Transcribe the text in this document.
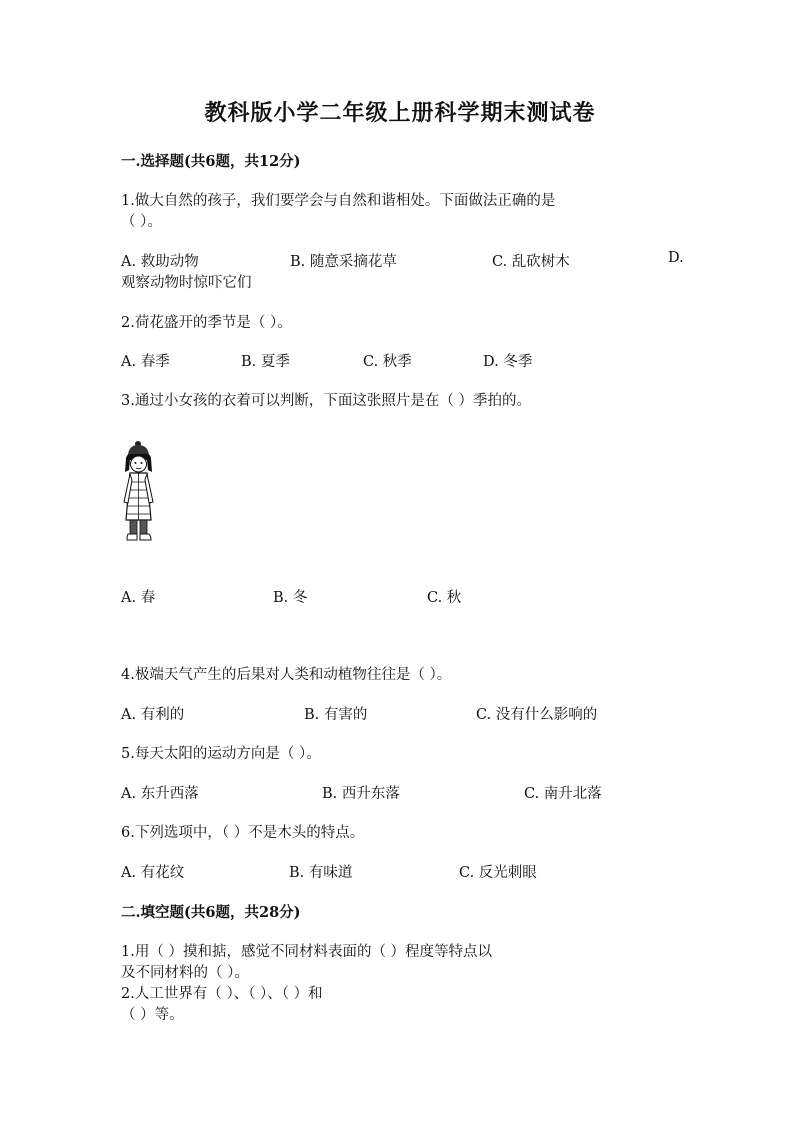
教科版小学二年级上册科学期末测试卷
一.选择题(共6题，共12分)
1.做大自然的孩子，我们要学会与自然和谐相处。下面做法正确的是
（ ）。
A. 救助动物	B. 随意采摘花草	C. 乱砍树木	D.
观察动物时惊吓它们
2.荷花盛开的季节是（ ）。
A. 春季	B. 夏季	C. 秋季	D. 冬季
3.通过小女孩的衣着可以判断，下面这张照片是在（ ）季拍的。
A. 春	B. 冬	C. 秋
4.极端天气产生的后果对人类和动植物往往是（ ）。
A. 有利的	B. 有害的	C. 没有什么影响的
5.每天太阳的运动方向是（ ）。
A. 东升西落	B. 西升东落	C. 南升北落
6.下列选项中，（ ）不是木头的特点。
A. 有花纹	B. 有味道	C. 反光刺眼
二.填空题(共6题，共28分)
1.用（ ）摸和掂，感觉不同材料表面的（ ）程度等特点以
及不同材料的（ ）。
2.人工世界有（ ）、（ ）、（ ）和
（ ）等。
